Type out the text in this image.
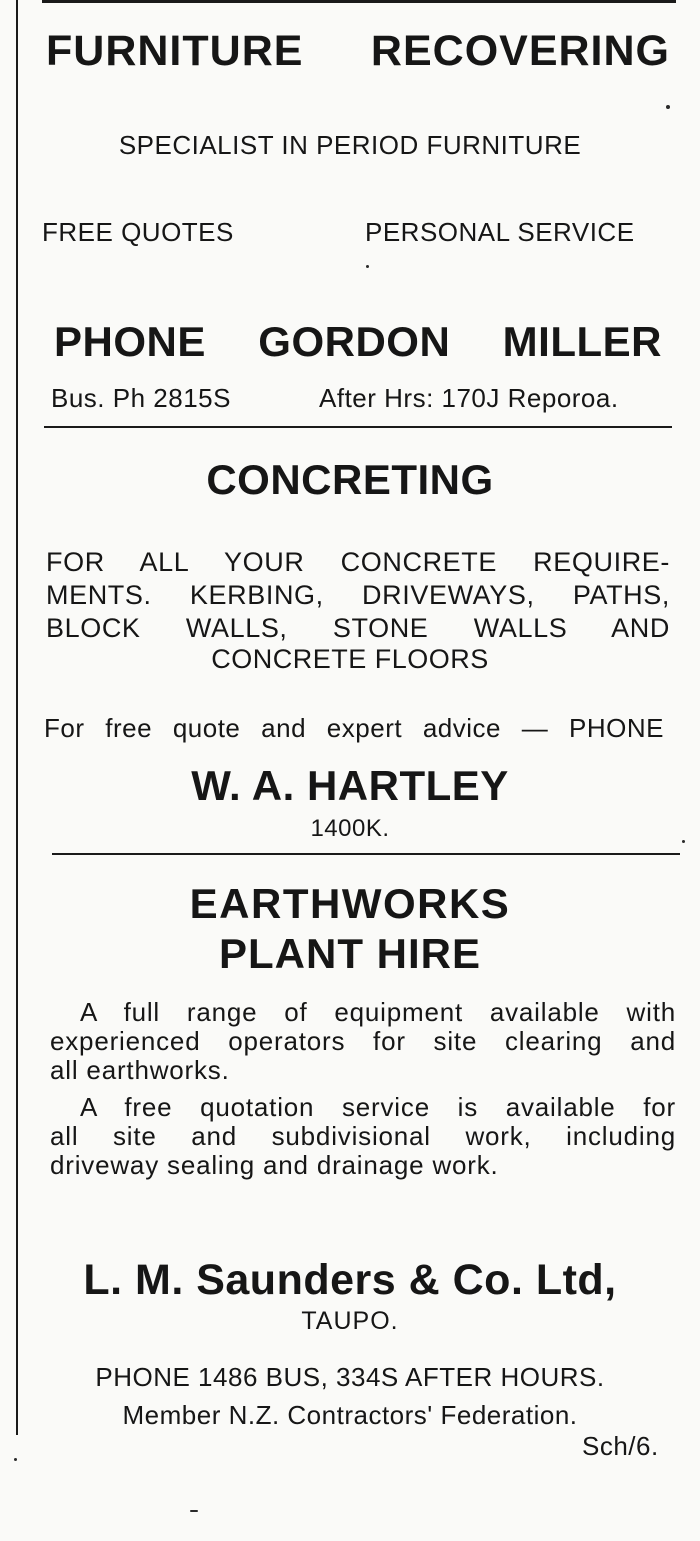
FURNITURE RECOVERING
SPECIALIST IN PERIOD FURNITURE
FREE QUOTES	PERSONAL SERVICE
PHONE GORDON MILLER
Bus. Ph 2815S	After Hrs: 170J Reporoa.
CONCRETING
FOR ALL YOUR CONCRETE REQUIRE-
MENTS. KERBING, DRIVEWAYS, PATHS,
BLOCK WALLS, STONE WALLS AND
CONCRETE FLOORS
For free quote and expert advice — PHONE
W. A. HARTLEY
1400K.
EARTHWORKS
PLANT HIRE
A full range of equipment available with
experienced operators for site clearing and
all earthworks.
A free quotation service is available for
all site and subdivisional work, including
driveway sealing and drainage work.
L. M. Saunders & Co. Ltd,
TAUPO.
PHONE 1486 BUS, 334S AFTER HOURS.
Member N.Z. Contractors' Federation.
Sch/6.
